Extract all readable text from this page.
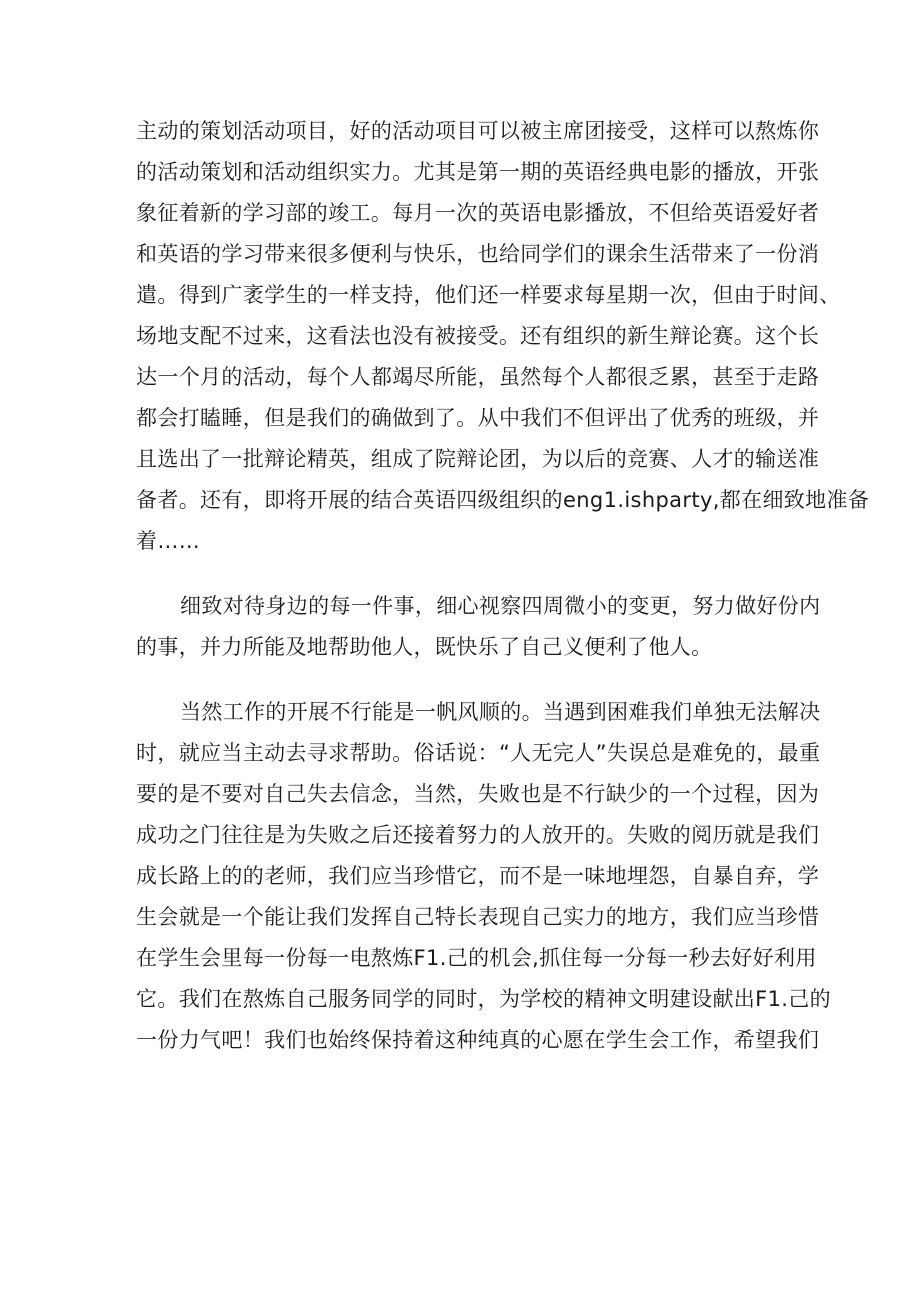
主动的策划活动项目，好的活动项目可以被主席团接受，这样可以熬炼你
的活动策划和活动组织实力。尤其是第一期的英语经典电影的播放，开张
象征着新的学习部的竣工。每月一次的英语电影播放，不但给英语爱好者
和英语的学习带来很多便利与快乐，也给同学们的课余生活带来了一份消
遣。得到广袤学生的一样支持，他们还一样要求每星期一次，但由于时间、
场地支配不过来，这看法也没有被接受。还有组织的新生辩论赛。这个长
达一个月的活动，每个人都竭尽所能，虽然每个人都很乏累，甚至于走路
都会打瞌睡，但是我们的确做到了。从中我们不但评出了优秀的班级，并
且选出了一批辩论精英，组成了院辩论团，为以后的竞赛、人才的输送准
备者。还有，即将开展的结合英语四级组织的eng1.ishparty,都在细致地准备
着……
细致对待身边的每一件事，细心视察四周微小的变更，努力做好份内
的事，并力所能及地帮助他人，既快乐了自己义便利了他人。
当然工作的开展不行能是一帆风顺的。当遇到困难我们单独无法解决
时，就应当主动去寻求帮助。俗话说：“人无完人”失误总是难免的，最重
要的是不要对自己失去信念，当然，失败也是不行缺少的一个过程，因为
成功之门往往是为失败之后还接着努力的人放开的。失败的阅历就是我们
成长路上的的老师，我们应当珍惜它，而不是一味地埋怨，自暴自弃，学
生会就是一个能让我们发挥自己特长表现自己实力的地方，我们应当珍惜
在学生会里每一份每一电熬炼F1.己的机会,抓住每一分每一秒去好好利用
它。我们在熬炼自己服务同学的同时，为学校的精神文明建设献出F1.己的
一份力气吧！我们也始终保持着这种纯真的心愿在学生会工作，希望我们
